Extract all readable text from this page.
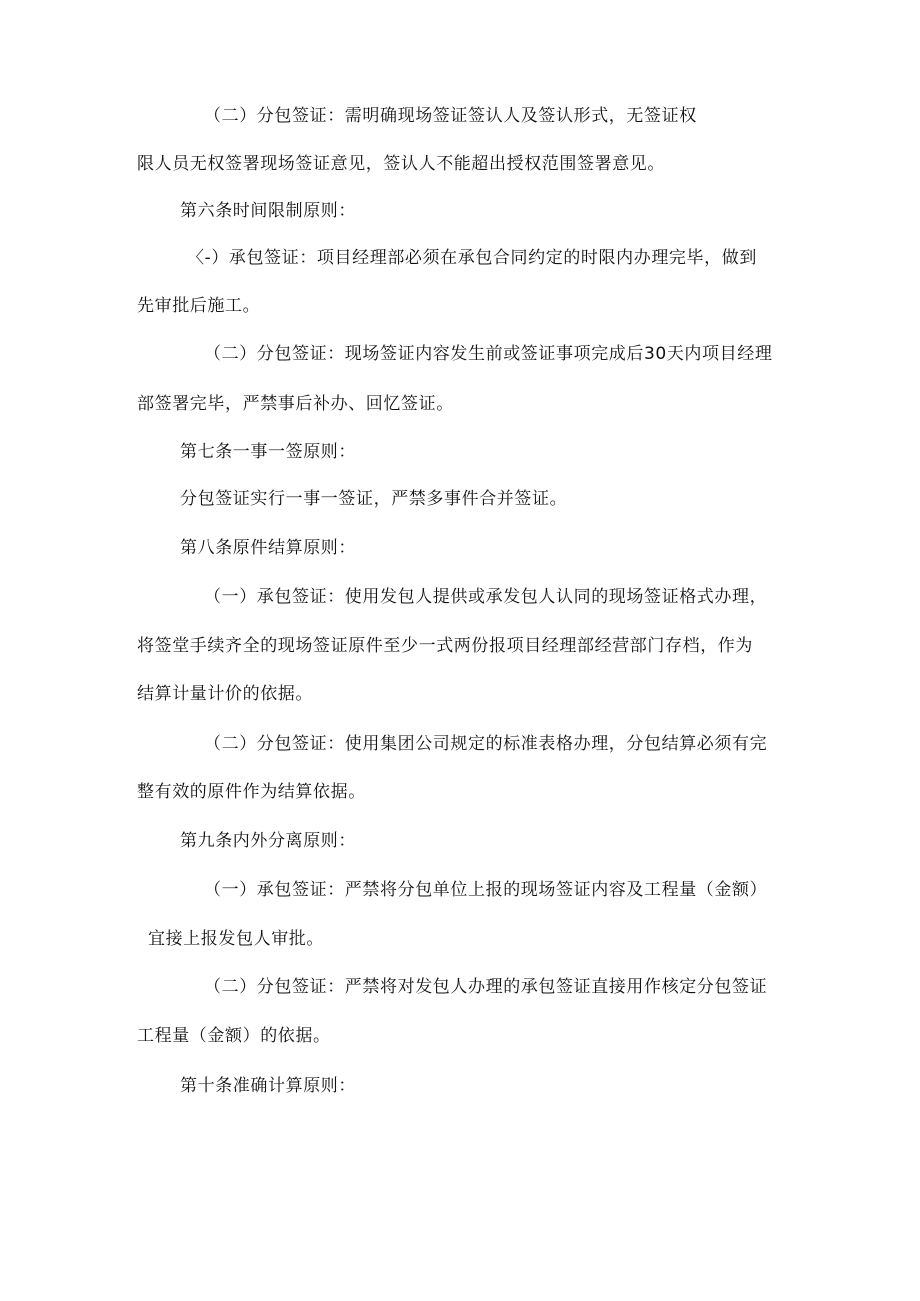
（二）分包签证：需明确现场签证签认人及签认形式，无签证权
限人员无权签署现场签证意见，签认人不能超出授权范围签署意见。
第六条时间限制原则：
〈-）承包签证：项目经理部必须在承包合同约定的时限内办理完毕，做到
先审批后施工。
（二）分包签证：现场签证内容发生前或签证事项完成后30天内项目经理
部签署完毕，严禁事后补办、回忆签证。
第七条一事一签原则：
分包签证实行一事一签证，严禁多事件合并签证。
第八条原件结算原则：
（一）承包签证：使用发包人提供或承发包人认同的现场签证格式办理，
将签堂手续齐全的现场签证原件至少一式两份报项目经理部经营部门存档，作为
结算计量计价的依据。
（二）分包签证：使用集团公司规定的标准表格办理，分包结算必须有完
整有效的原件作为结算依据。
第九条内外分离原则：
（一）承包签证：严禁将分包单位上报的现场签证内容及工程量（金额）
宜接上报发包人审批。
（二）分包签证：严禁将对发包人办理的承包签证直接用作核定分包签证
工程量（金额）的依据。
第十条准确计算原则：
